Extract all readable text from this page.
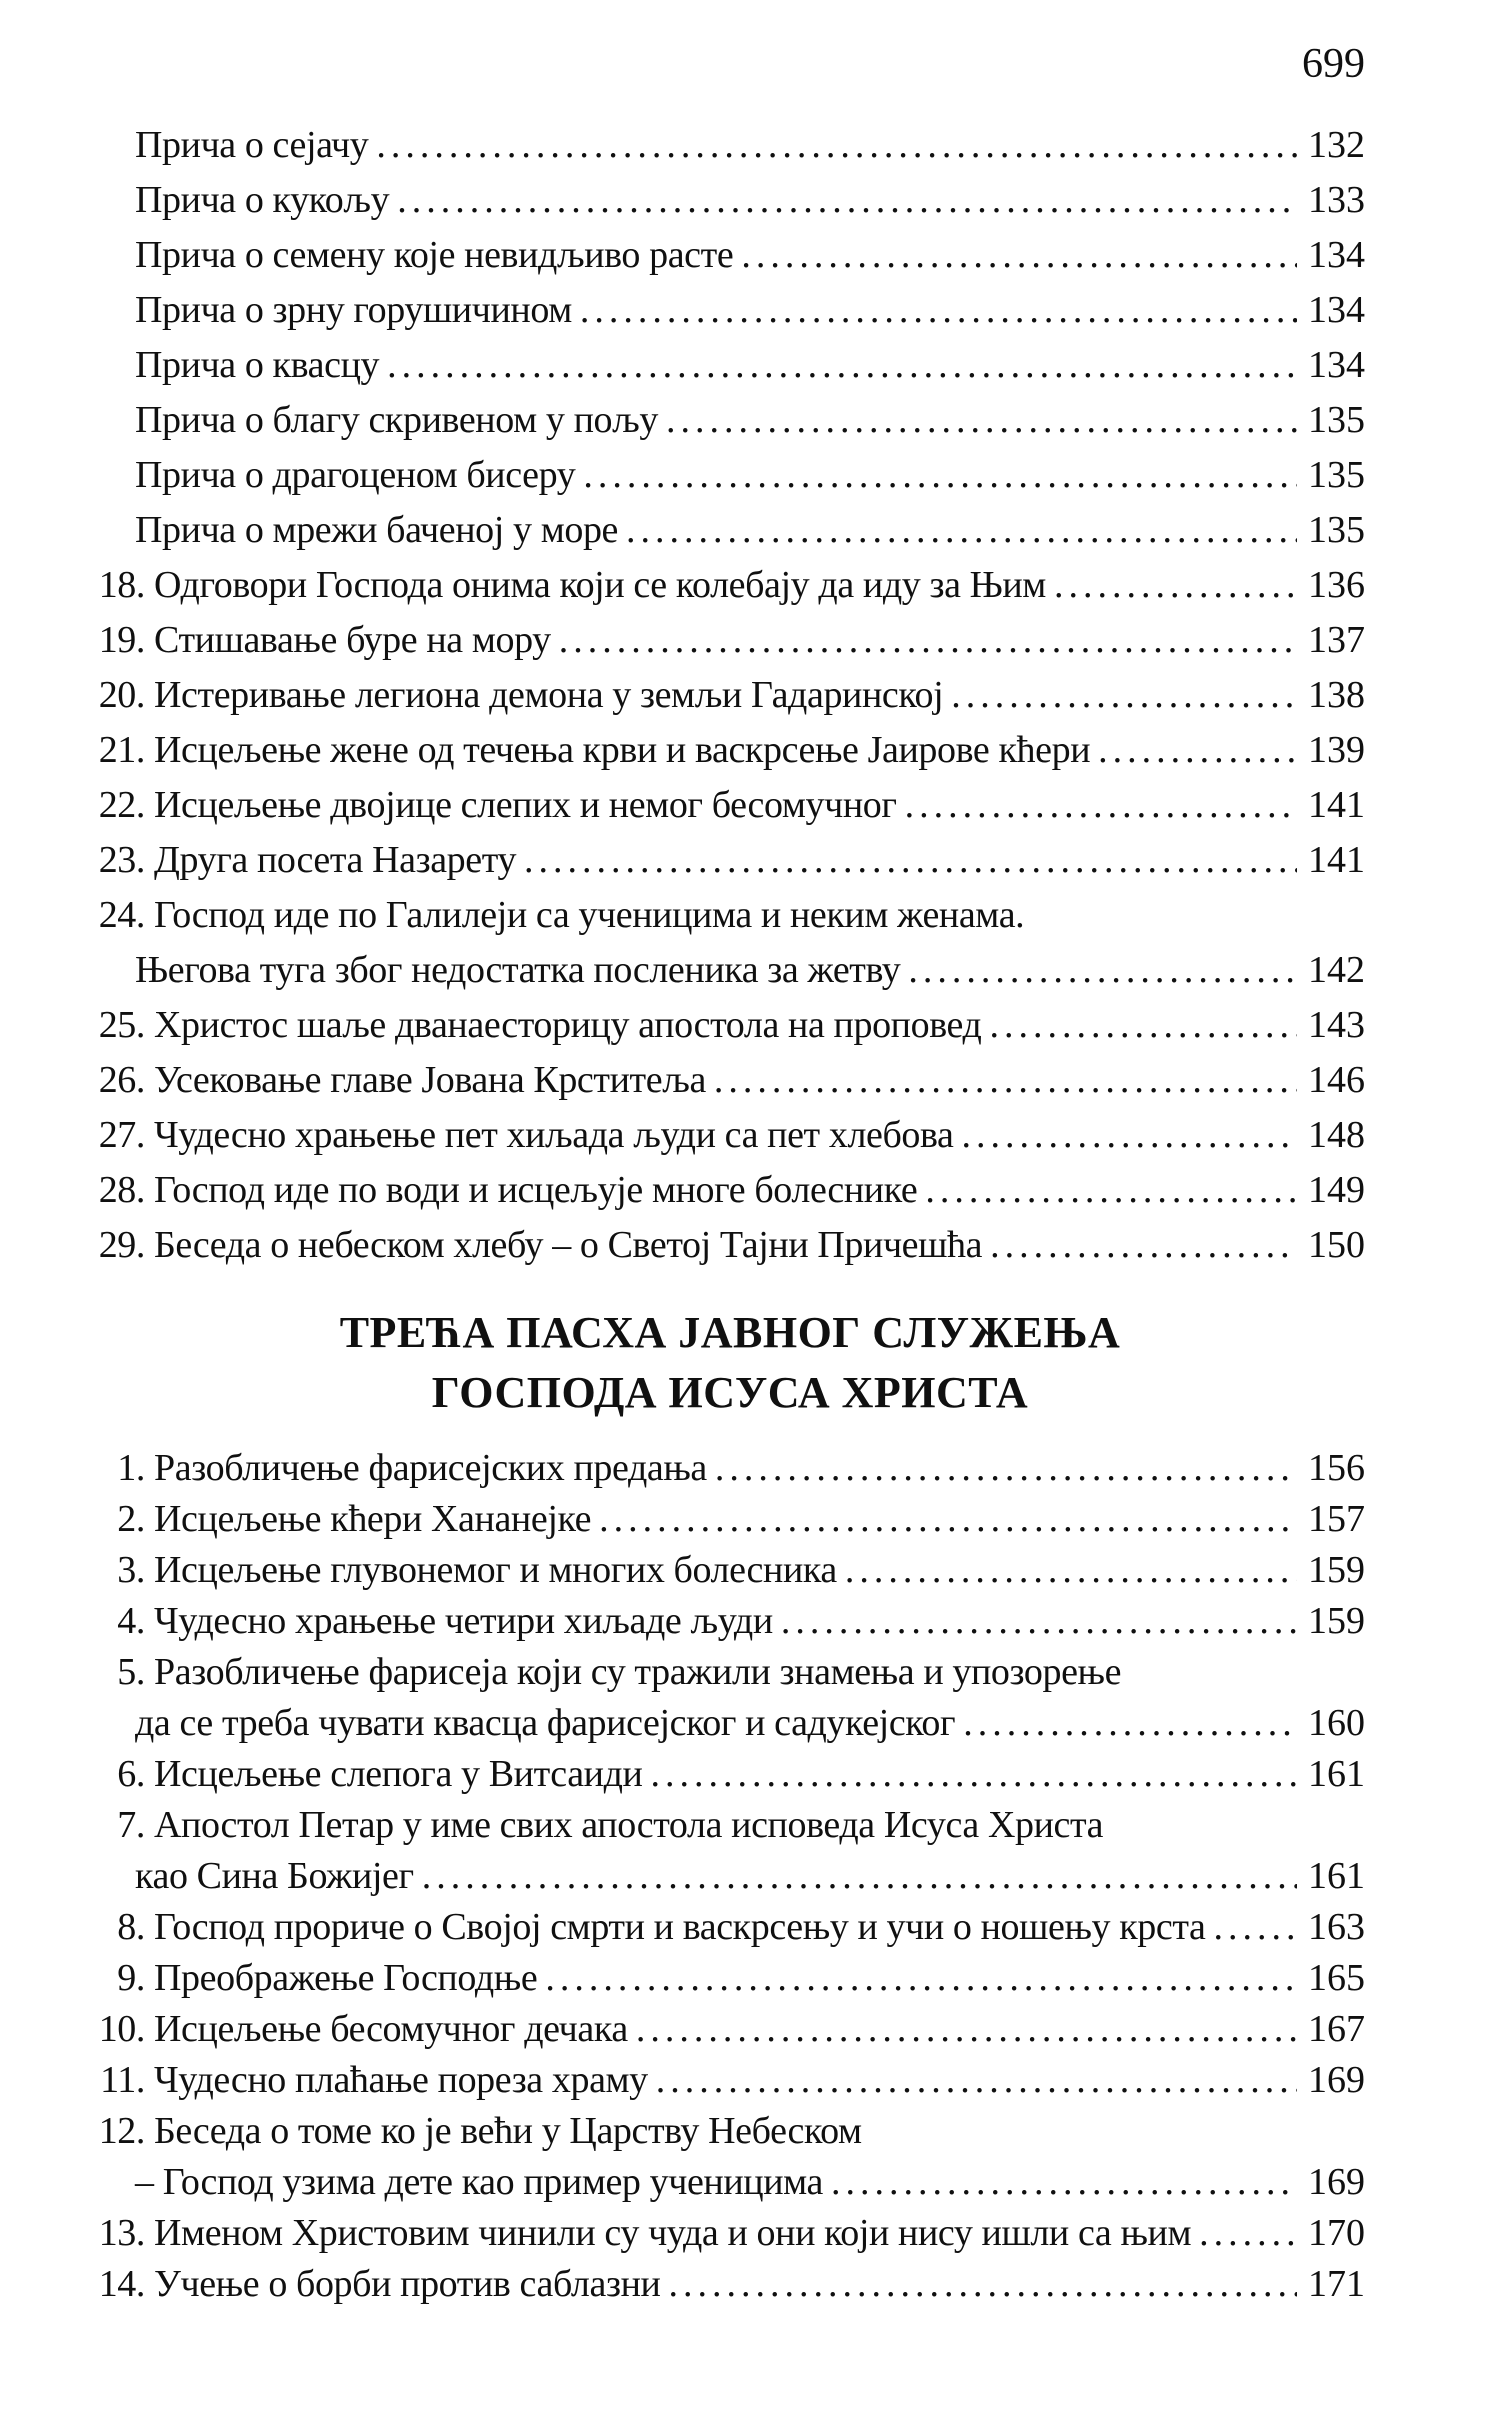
699
Прича о сејачу .....	132
Прича о кукољу .....	133
Прича о семену које невидљиво расте .....	134
Прича о зрну горушичином .....	134
Прича о квасцу .....	134
Прича о благу скривеном у пољу .....	135
Прича о драгоценом бисеру .....	135
Прича о мрежи баченој у море .....	135
18. Одговори Господа онима који се колебају да иду за Њим .....	136
19. Стишавање буре на мору .....	137
20. Истеривање легиона демона у земљи Гадаринској .....	138
21. Исцељење жене од течења крви и васкрсење Јаирове кћери .....	139
22. Исцељење двојице слепих и немог бесомучног .....	141
23. Друга посета Назарету .....	141
24. Господ иде по Галилеји са ученицима и неким женама.
Његова туга због недостатка посленика за жетву .....	142
25. Христос шаље дванаесторицу апостола на проповед .....	143
26. Усековање главе Јована Крститеља .....	146
27. Чудесно храњење пет хиљада људи са пет хлебова .....	148
28. Господ иде по води и исцељује многе болеснике .....	149
29. Беседа о небеском хлебу – о Светој Тајни Причешћа .....	150
ТРЕЋА ПАСХА ЈАВНОГ СЛУЖЕЊА
ГОСПОДА ИСУСА ХРИСТА
1. Разобличење фарисејских предања .....	156
2. Исцељење кћери Хананејке .....	157
3. Исцељење глувонемог и многих болесника .....	159
4. Чудесно храњење четири хиљаде људи .....	159
5. Разобличење фарисеја који су тражили знамења и упозорење
да се треба чувати квасца фарисејског и садукејског .....	160
6. Исцељење слепога у Витсаиди .....	161
7. Апостол Петар у име свих апостола исповеда Исуса Христа
као Сина Божијег .....	161
8. Господ прориче о Својој смрти и васкрсењу и учи о ношењу крста .....	163
9. Преображење Господње .....	165
10. Исцељење бесомучног дечака .....	167
11. Чудесно плаћање пореза храму .....	169
12. Беседа о томе ко је већи у Царству Небеском
– Господ узима дете као пример ученицима .....	169
13. Именом Христовим чинили су чуда и они који нису ишли са њим .....	170
14. Учење о борби против саблазни .....	171
